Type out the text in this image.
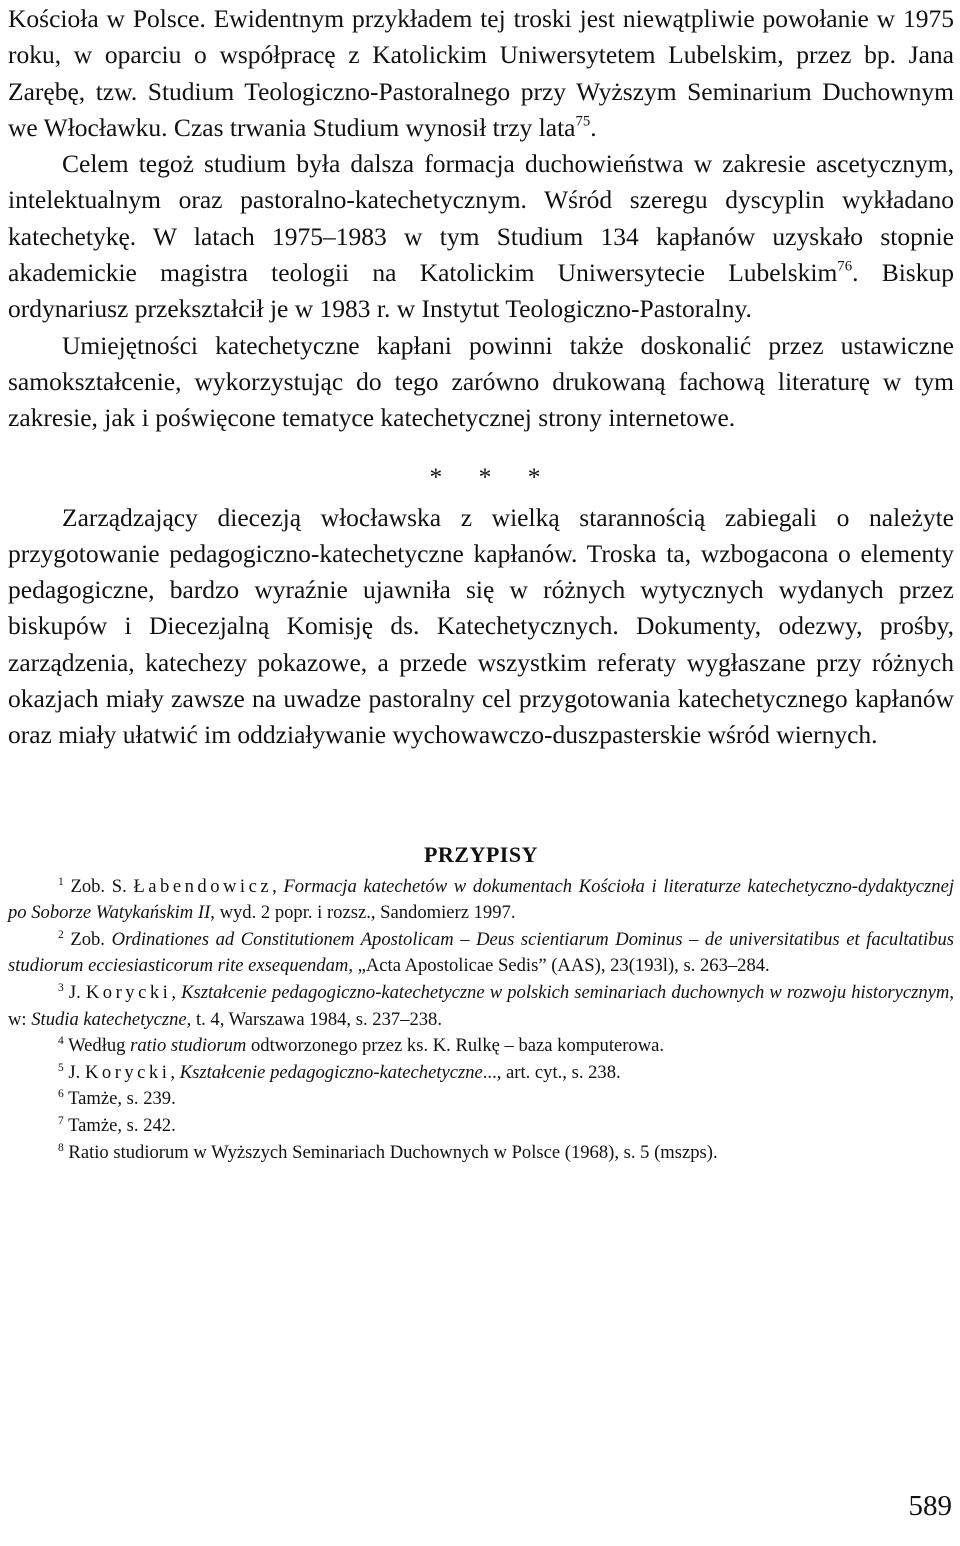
Kościoła w Polsce. Ewidentnym przykładem tej troski jest niewątpliwie powołanie w 1975 roku, w oparciu o współpracę z Katolickim Uniwersytetem Lubelskim, przez bp. Jana Zarębę, tzw. Studium Teologiczno-Pastoralnego przy Wyższym Seminarium Duchownym we Włocławku. Czas trwania Studium wynosił trzy lata$^{75}$.

Celem tegoż studium była dalsza formacja duchowieństwa w zakresie ascetycznym, intelektualnym oraz pastoralno-katechetycznym. Wśród szeregu dyscyplin wykładano katechetykę. W latach 1975–1983 w tym Studium 134 kapłanów uzyskało stopnie akademickie magistra teologii na Katolickim Uniwersytecie Lubelskim$^{76}$. Biskup ordynariusz przekształcił je w 1983 r. w Instytut Teologiczno-Pastoralny.

Umiejętności katechetyczne kapłani powinni także doskonalić przez ustawiczne samokształcenie, wykorzystując do tego zarówno drukowaną fachową literaturę w tym zakresie, jak i poświęcone tematyce katechetycznej strony internetowe.

* * *

Zarządzający diecezją włocławska z wielką starannością zabiegali o należyte przygotowanie pedagogiczno-katechetyczne kapłanów. Troska ta, wzbogacona o elementy pedagogiczne, bardzo wyraźnie ujawniła się w różnych wytycznych wydanych przez biskupów i Diecezjalną Komisję ds. Katechetycznych. Dokumenty, odezwy, prośby, zarządzenia, katechezy pokazowe, a przede wszystkim referaty wygłaszane przy różnych okazjach miały zawsze na uwadze pastoralny cel przygotowania katechetycznego kapłanów oraz miały ułatwić im oddziaływanie wychowawczo-duszpasterskie wśród wiernych.

PRZYPISY

$^1$ Zob. S. Łabendowicz, Formacja katechetów w dokumentach Kościoła i literaturze katechetyczno-dydaktycznej po Soborze Watykańskim II, wyd. 2 popr. i rozsz., Sandomierz 1997.

$^2$ Zob. Ordinationes ad Constitutionem Apostolicam – Deus scientiarum Dominus – de universitatibus et facultatibus studiorum ecciesiasticorum rite exsequendam, „Acta Apostolicae Sedis” (AAS), 23(193l), s. 263–284.

$^3$ J. Korycki, Kształcenie pedagogiczno-katechetyczne w polskich seminariach duchownych w rozwoju historycznym, w: Studia katechetyczne, t. 4, Warszawa 1984, s. 237–238.

$^4$ Według ratio studiorum odtworzonego przez ks. K. Rulkę – baza komputerowa.

$^5$ J. Korycki, Kształcenie pedagogiczno-katechetyczne..., art. cyt., s. 238.

$^6$ Tamże, s. 239.

$^7$ Tamże, s. 242.

$^8$ Ratio studiorum w Wyższych Seminariach Duchownych w Polsce (1968), s. 5 (mszps).

589
